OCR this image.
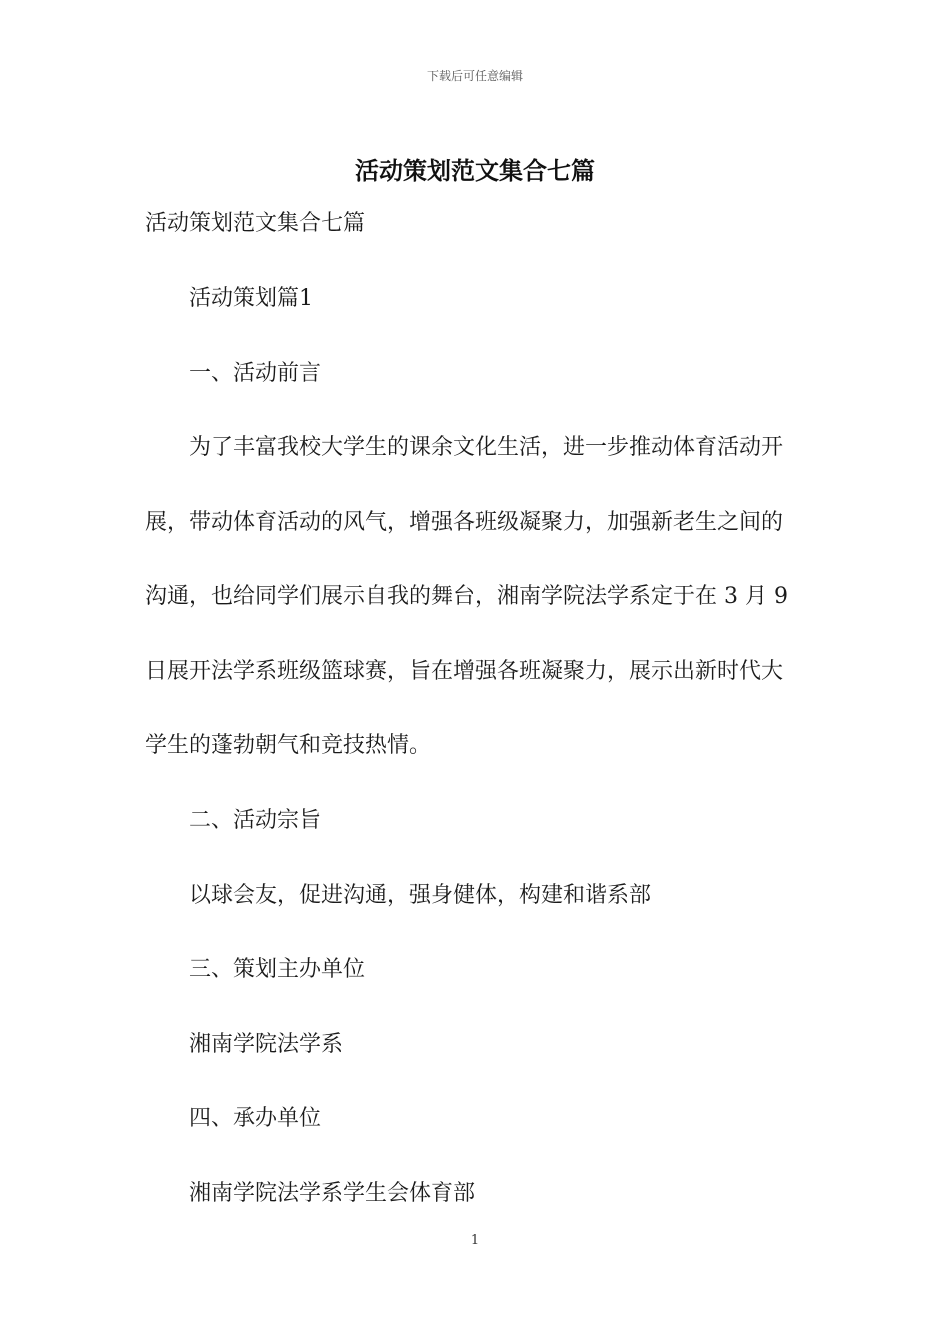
下载后可任意编辑
活动策划范文集合七篇
活动策划范文集合七篇
活动策划篇1
一、活动前言
为了丰富我校大学生的课余文化生活，进一步推动体育活动开
展，带动体育活动的风气，增强各班级凝聚力，加强新老生之间的
沟通，也给同学们展示自我的舞台，湘南学院法学系定于在 3 月 9
日展开法学系班级篮球赛，旨在增强各班凝聚力，展示出新时代大
学生的蓬勃朝气和竞技热情。
二、活动宗旨
以球会友，促进沟通，强身健体，构建和谐系部
三、策划主办单位
湘南学院法学系
四、承办单位
湘南学院法学系学生会体育部
1
